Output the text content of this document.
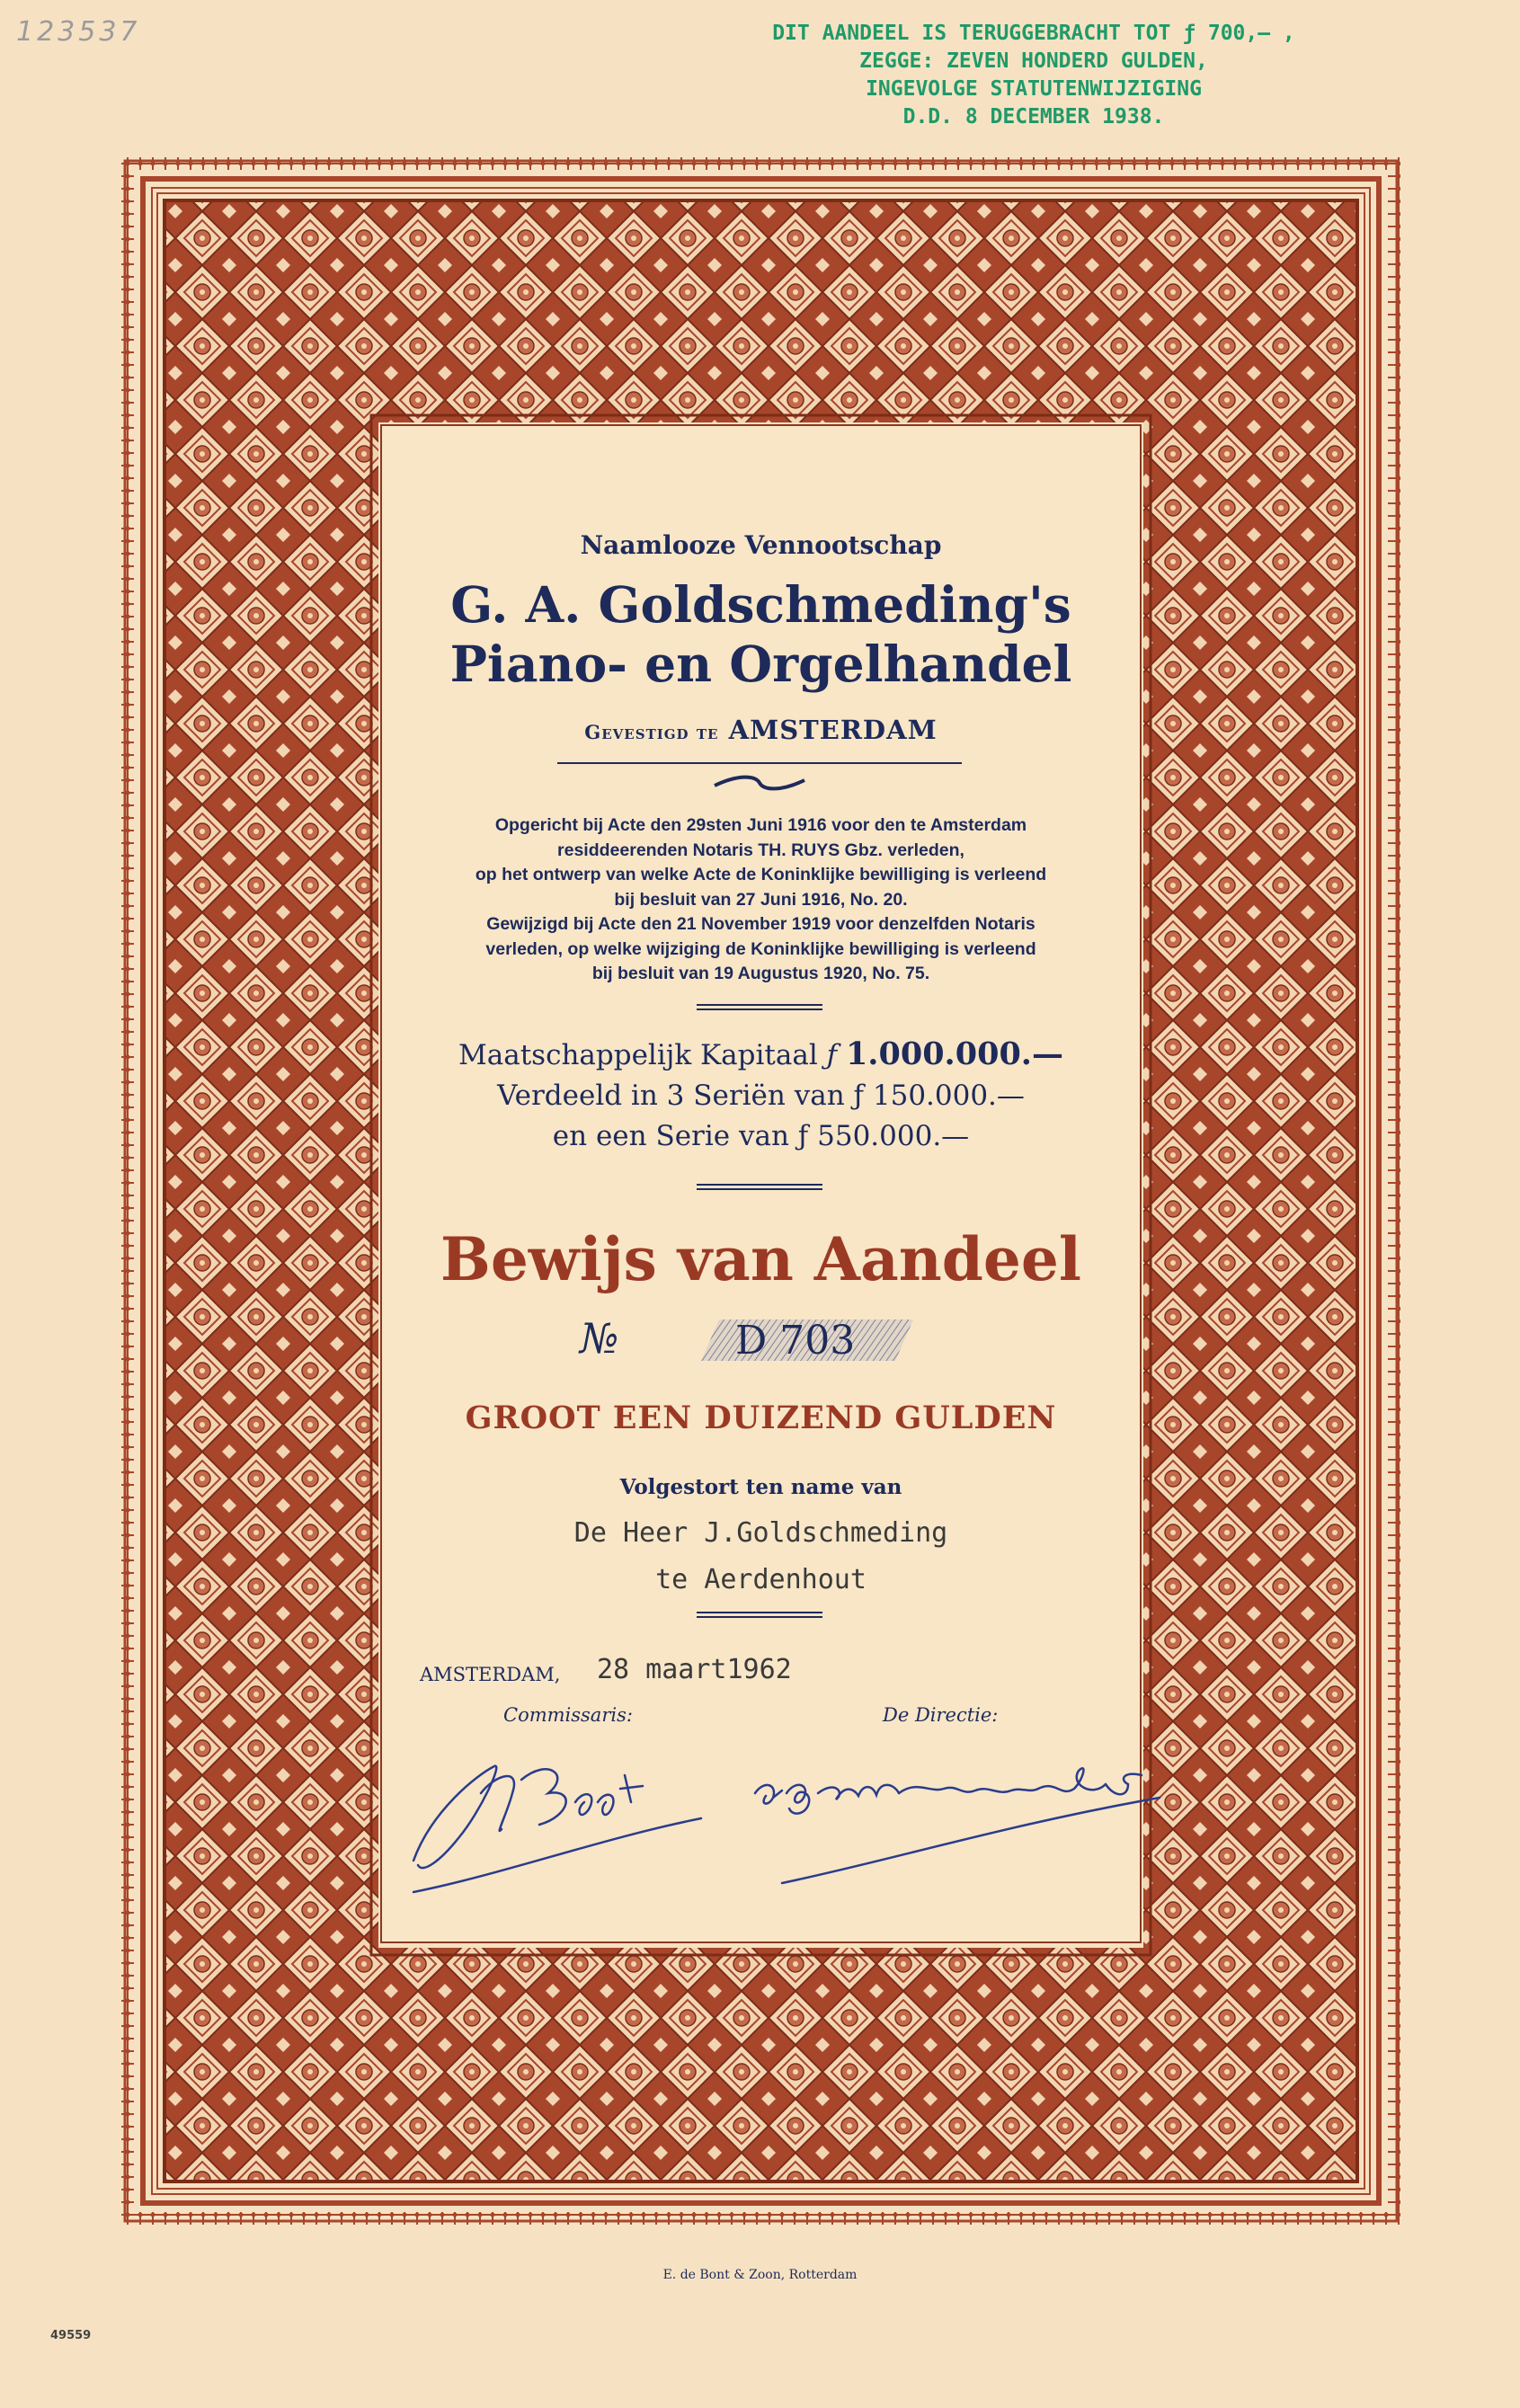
123537	DIT AANDEEL IS TERUGGEBRACHT TOT ƒ 700,— ,
ZEGGE: ZEVEN HONDERD GULDEN,
INGEVOLGE STATUTENWIJZIGING
D.D. 8 DECEMBER 1938.
Naamlooze Vennootschap
G. A. Goldschmeding's
Piano- en Orgelhandel
Gevestigd te AMSTERDAM
Opgericht bij Acte den 29sten Juni 1916 voor den te Amsterdam
residdeerenden Notaris TH. RUYS Gbz. verleden,
op het ontwerp van welke Acte de Koninklijke bewilliging is verleend
bij besluit van 27 Juni 1916, No. 20.
Gewijzigd bij Acte den 21 November 1919 voor denzelfden Notaris
verleden, op welke wijziging de Koninklijke bewilliging is verleend
bij besluit van 19 Augustus 1920, No. 75.
Maatschappelijk Kapitaal ƒ 1.000.000.—
Verdeeld in 3 Seriën van ƒ 150.000.—
en een Serie van ƒ 550.000.—
Bewijs van Aandeel
№	D 703
GROOT EEN DUIZEND GULDEN
Volgestort ten name van
De Heer J.Goldschmeding
te Aerdenhout
AMSTERDAM, 28 maart1962
Commissaris:	De Directie:
E. de Bont & Zoon, Rotterdam
49559
